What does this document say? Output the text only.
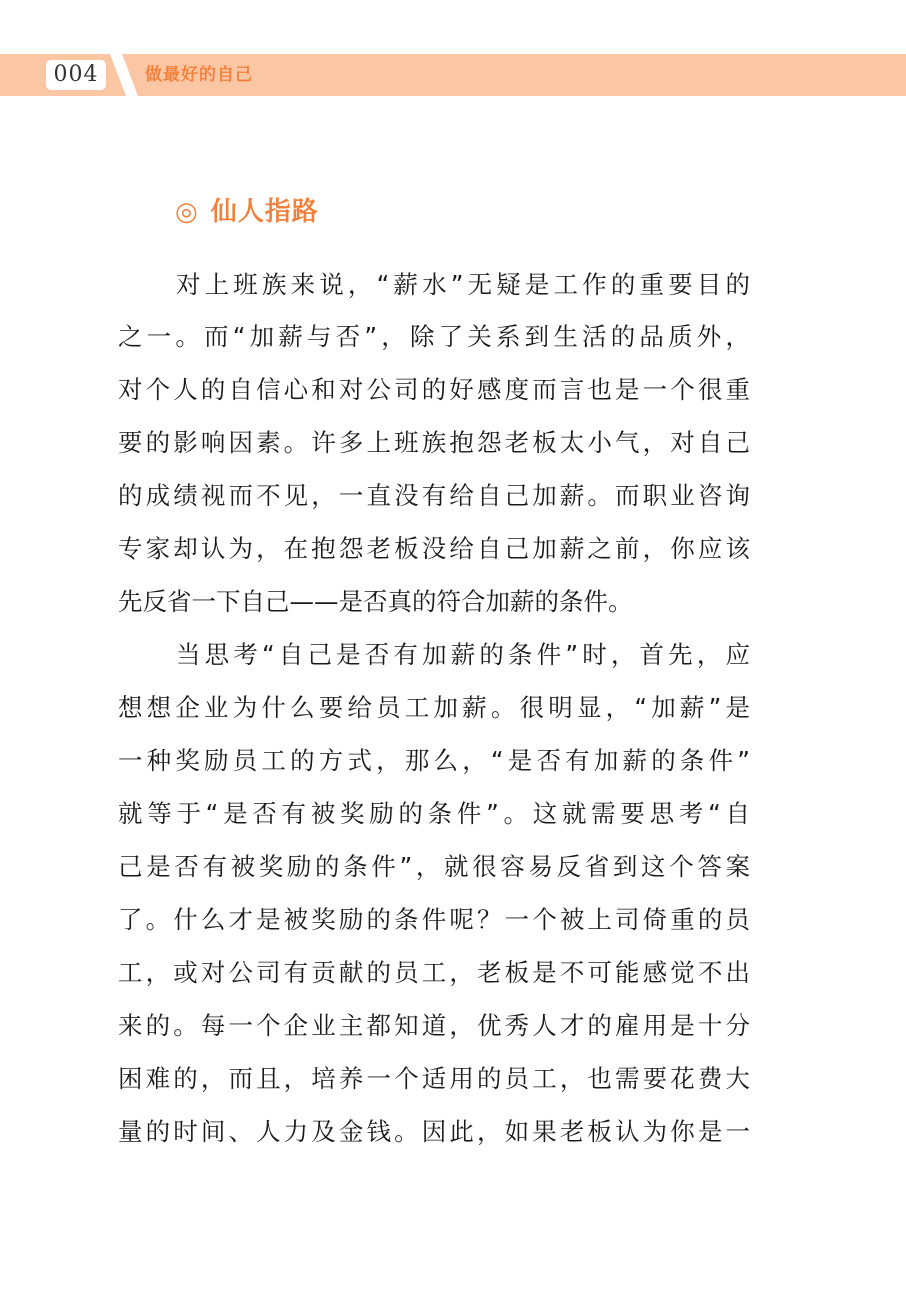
004	做最好的自己
◎ 仙人指路
对上班族来说，“薪水”无疑是工作的重要目的
之一。而“加薪与否”，除了关系到生活的品质外，
对个人的自信心和对公司的好感度而言也是一个很重
要的影响因素。许多上班族抱怨老板太小气，对自己
的成绩视而不见，一直没有给自己加薪。而职业咨询
专家却认为，在抱怨老板没给自己加薪之前，你应该
先反省一下自己——是否真的符合加薪的条件。
当思考“自己是否有加薪的条件”时，首先，应
想想企业为什么要给员工加薪。很明显，“加薪”是
一种奖励员工的方式，那么，“是否有加薪的条件”
就等于“是否有被奖励的条件”。这就需要思考“自
己是否有被奖励的条件”，就很容易反省到这个答案
了。什么才是被奖励的条件呢？一个被上司倚重的员
工，或对公司有贡献的员工，老板是不可能感觉不出
来的。每一个企业主都知道，优秀人才的雇用是十分
困难的，而且，培养一个适用的员工，也需要花费大
量的时间、人力及金钱。因此，如果老板认为你是一
